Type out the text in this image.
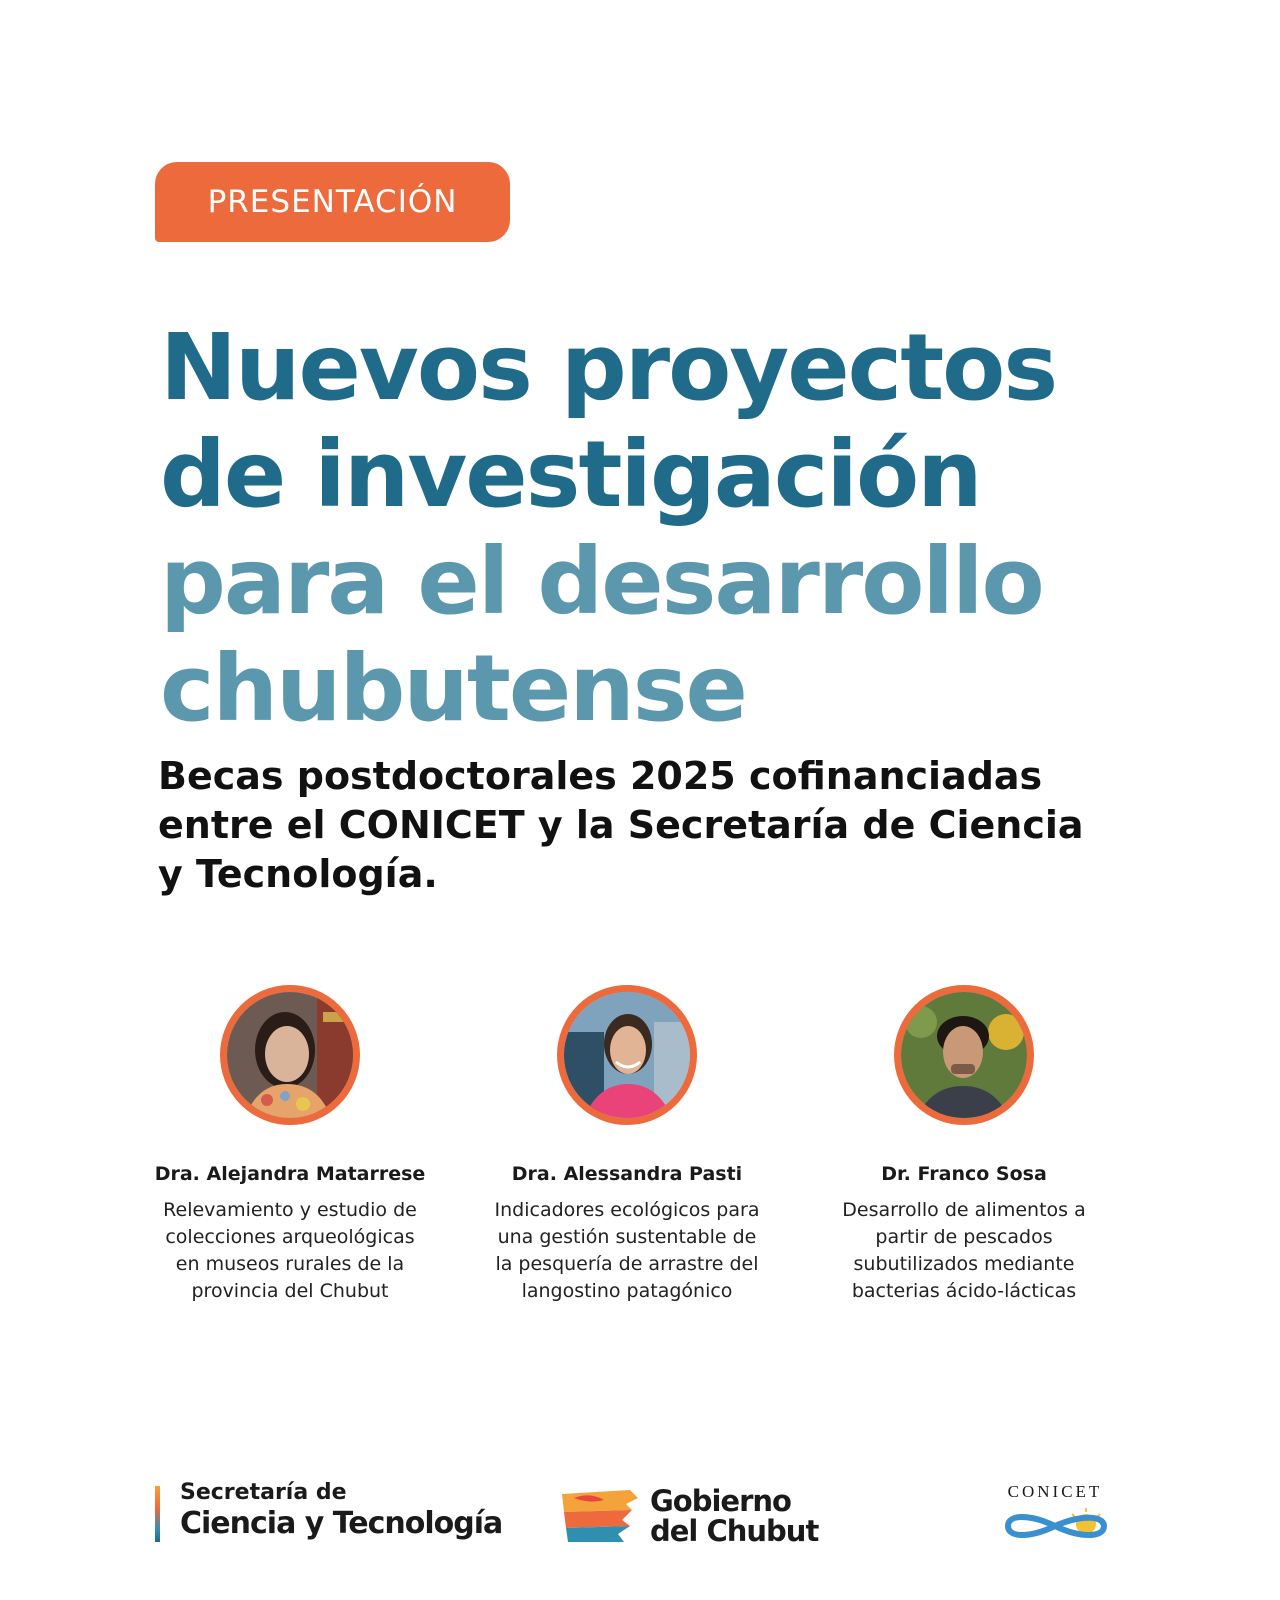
PRESENTACIÓN
Nuevos proyectos
de investigación
para el desarrollo
chubutense
Becas postdoctorales 2025 cofinanciadas
entre el CONICET y la Secretaría de Ciencia
y Tecnología.
Dra. Alejandra Matarrese
Relevamiento y estudio de
colecciones arqueológicas
en museos rurales de la
provincia del Chubut
Dra. Alessandra Pasti
Indicadores ecológicos para
una gestión sustentable de
la pesquería de arrastre del
langostino patagónico
Dr. Franco Sosa
Desarrollo de alimentos a
partir de pescados
subutilizados mediante
bacterias ácido-lácticas
Secretaría de
Ciencia y Tecnología
Gobierno
del Chubut
CONICET
